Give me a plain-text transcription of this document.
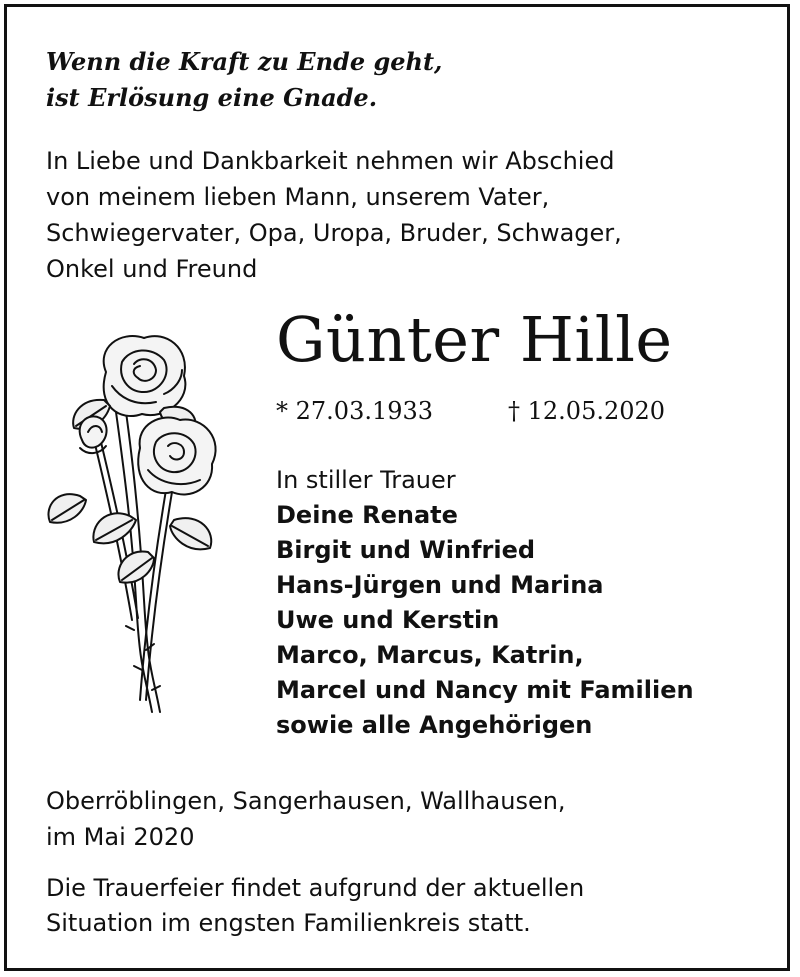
Wenn die Kraft zu Ende geht,
ist Erlösung eine Gnade.

In Liebe und Dankbarkeit nehmen wir Abschied
von meinem lieben Mann, unserem Vater,
Schwiegervater, Opa, Uropa, Bruder, Schwager,
Onkel und Freund

Günter Hille
* 27.03.1933	† 12.05.2020
In stiller Trauer
Deine Renate
Birgit und Winfried
Hans-Jürgen und Marina
Uwe und Kerstin
Marco, Marcus, Katrin,
Marcel und Nancy mit Familien
sowie alle Angehörigen

Oberröblingen, Sangerhausen, Wallhausen,
im Mai 2020

Die Trauerfeier findet aufgrund der aktuellen
Situation im engsten Familienkreis statt.
